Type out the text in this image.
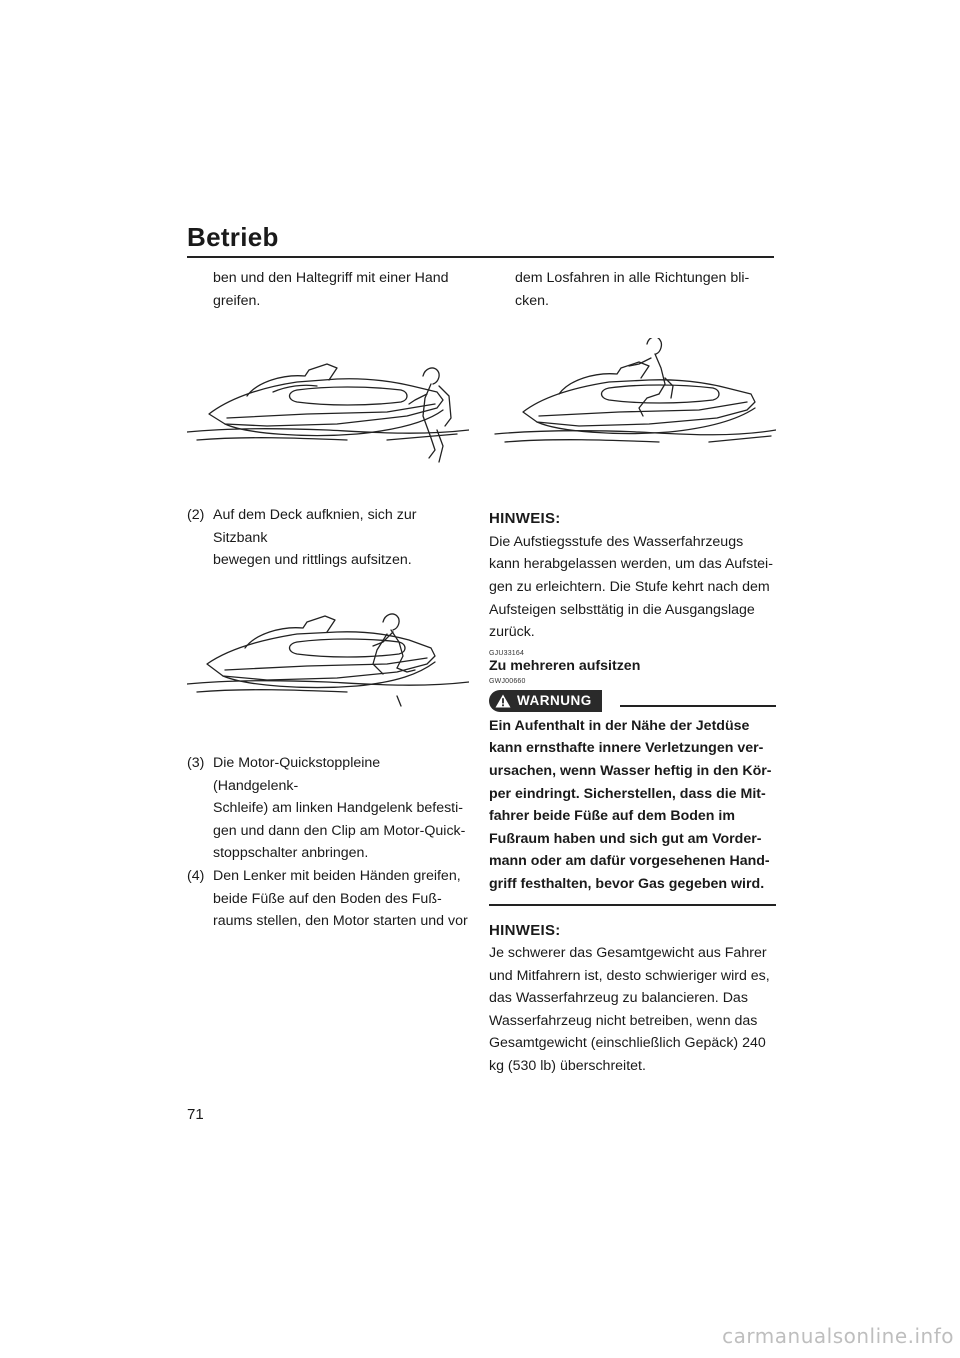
Betrieb

ben und den Haltegriff mit einer Hand

greifen.

(2) Auf dem Deck aufknien, sich zur Sitzbank

bewegen und rittlings aufsitzen.

(3) Die Motor-Quickstoppleine (Handgelenk-

Schleife) am linken Handgelenk befesti-

gen und dann den Clip am Motor-Quick-

stoppschalter anbringen.

(4) Den Lenker mit beiden Händen greifen,

beide Füße auf den Boden des Fuß-

raums stellen, den Motor starten und vor

dem Losfahren in alle Richtungen bli-

cken.

HINWEIS:

Die Aufstiegsstufe des Wasserfahrzeugs

kann herabgelassen werden, um das Aufstei-

gen zu erleichtern. Die Stufe kehrt nach dem

Aufsteigen selbsttätig in die Ausgangslage

zurück.

GJU33164

Zu mehreren aufsitzen

GWJ00660

WARNUNG

Ein Aufenthalt in der Nähe der Jetdüse

kann ernsthafte innere Verletzungen ver-

ursachen, wenn Wasser heftig in den Kör-

per eindringt. Sicherstellen, dass die Mit-

fahrer beide Füße auf dem Boden im

Fußraum haben und sich gut am Vorder-

mann oder am dafür vorgesehenen Hand-

griff festhalten, bevor Gas gegeben wird.

HINWEIS:

Je schwerer das Gesamtgewicht aus Fahrer

und Mitfahrern ist, desto schwieriger wird es,

das Wasserfahrzeug zu balancieren. Das

Wasserfahrzeug nicht betreiben, wenn das

Gesamtgewicht (einschließlich Gepäck) 240

kg (530 lb) überschreitet.

71
carmanualsonline.info
